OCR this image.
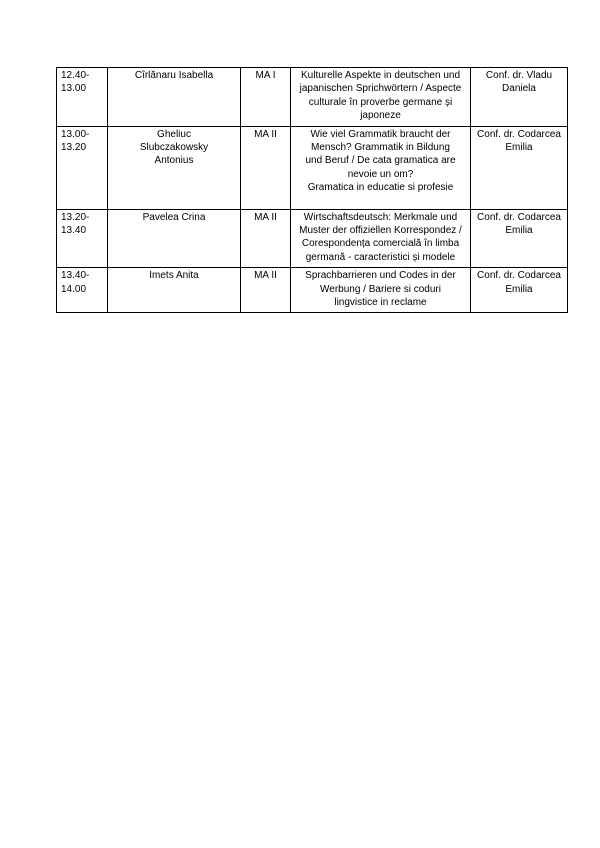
12.40-
13.00	Cîrlănaru Isabella	MA I	Kulturelle Aspekte in deutschen und
japanischen Sprichwörtern / Aspecte
culturale în proverbe germane și
japoneze	Conf. dr. Vladu
Daniela

13.00-
13.20	Gheliuc
Slubczakowsky
Antonius	MA II	Wie viel Grammatik braucht der
Mensch? Grammatik in Bildung
und Beruf / De cata gramatica are
nevoie un om?
Gramatica in educatie si profesie	Conf. dr. Codarcea
Emilia

13.20-
13.40	Pavelea Crina	MA II	Wirtschaftsdeutsch: Merkmale und
Muster der offiziellen Korrespondez /
Corespondența comercială în limba
germană - caracteristici și modele	Conf. dr. Codarcea
Emilia

13.40-
14.00	Imets Anita	MA II	Sprachbarrieren und Codes in der
Werbung / Bariere si coduri
lingvistice in reclame	Conf. dr. Codarcea
Emilia
